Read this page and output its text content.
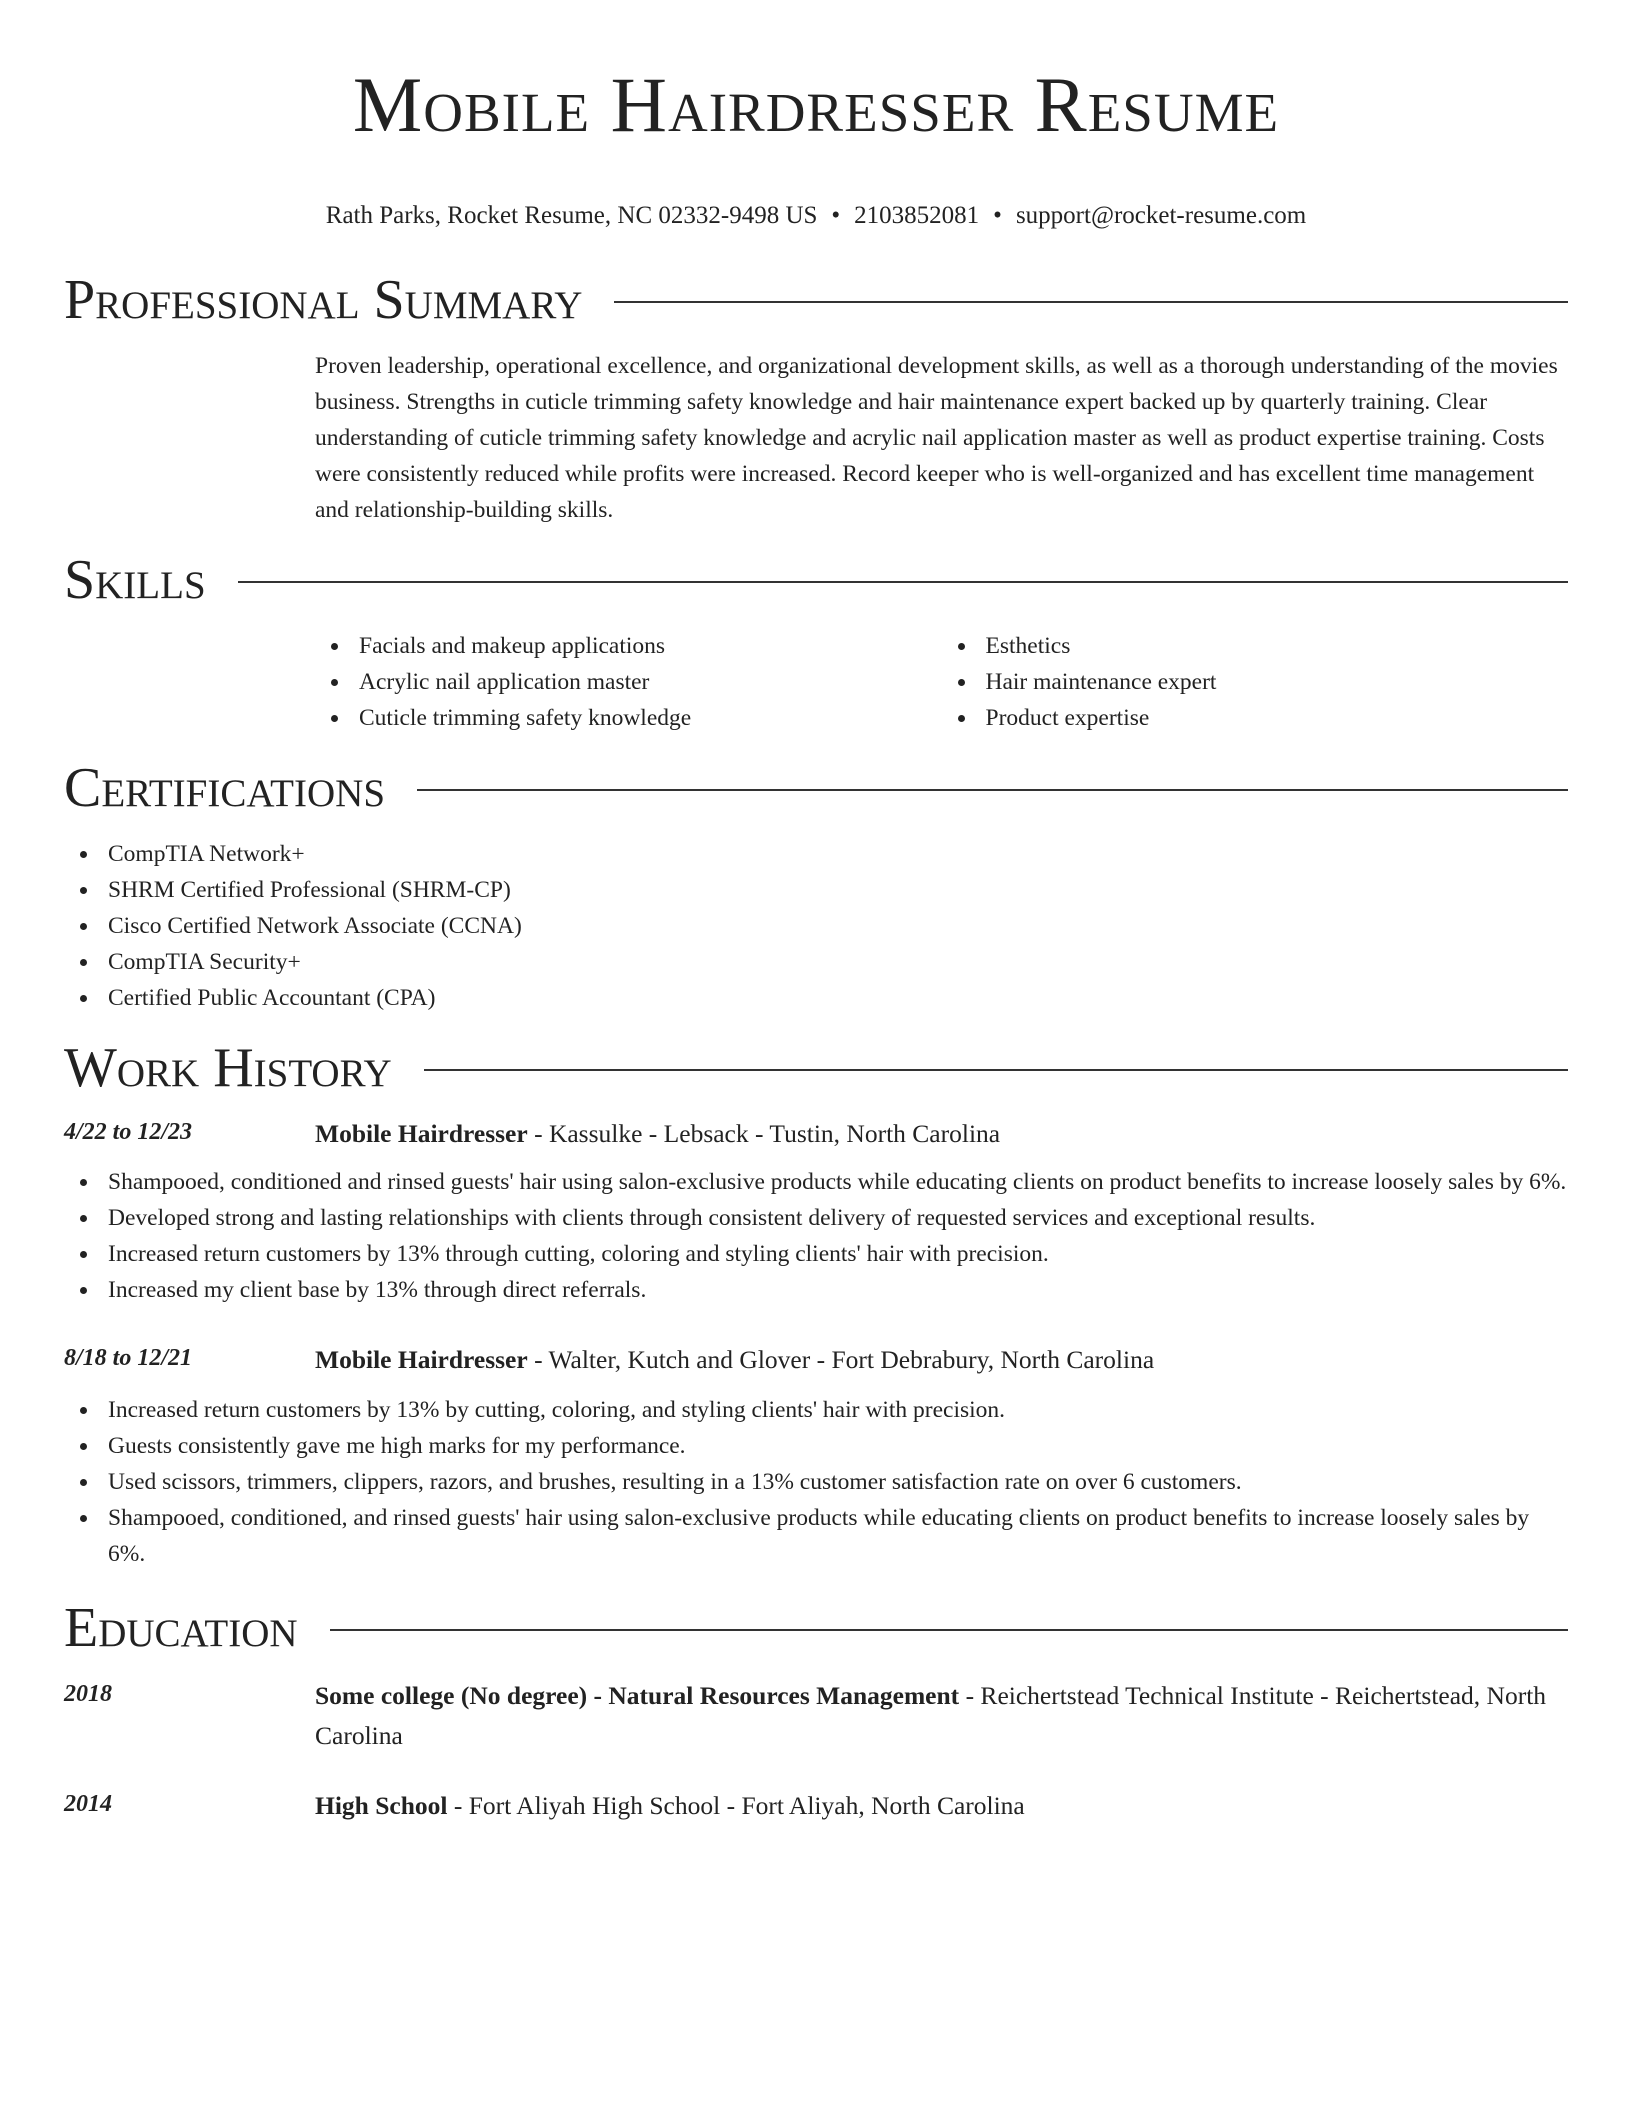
Mobile Hairdresser Resume
Rath Parks, Rocket Resume, NC 02332-9498 US • 2103852081 • support@rocket-resume.com
Professional Summary

Proven leadership, operational excellence, and organizational development skills, as well as a thorough understanding of the movies business. Strengths in cuticle trimming safety knowledge and hair maintenance expert backed up by quarterly training. Clear understanding of cuticle trimming safety knowledge and acrylic nail application master as well as product expertise training. Costs were consistently reduced while profits were increased. Record keeper who is well-organized and has excellent time management and relationship-building skills.

Skills
Facials and makeup applications
Acrylic nail application master
Cuticle trimming safety knowledge
Esthetics
Hair maintenance expert
Product expertise
Certifications
CompTIA Network+
SHRM Certified Professional (SHRM-CP)
Cisco Certified Network Associate (CCNA)
CompTIA Security+
Certified Public Accountant (CPA)
Work History
4/22 to 12/23	Mobile Hairdresser - Kassulke - Lebsack - Tustin, North Carolina
Shampooed, conditioned and rinsed guests' hair using salon-exclusive products while educating clients on product benefits to increase loosely sales by 6%.
Developed strong and lasting relationships with clients through consistent delivery of requested services and exceptional results.
Increased return customers by 13% through cutting, coloring and styling clients' hair with precision.
Increased my client base by 13% through direct referrals.
8/18 to 12/21	Mobile Hairdresser - Walter, Kutch and Glover - Fort Debrabury, North Carolina
Increased return customers by 13% by cutting, coloring, and styling clients' hair with precision.
Guests consistently gave me high marks for my performance.
Used scissors, trimmers, clippers, razors, and brushes, resulting in a 13% customer satisfaction rate on over 6 customers.
Shampooed, conditioned, and rinsed guests' hair using salon-exclusive products while educating clients on product benefits to increase loosely sales by 6%.
Education
2018	Some college (No degree) - Natural Resources Management - Reichertstead Technical Institute - Reichertstead, North Carolina
2014	High School - Fort Aliyah High School - Fort Aliyah, North Carolina
